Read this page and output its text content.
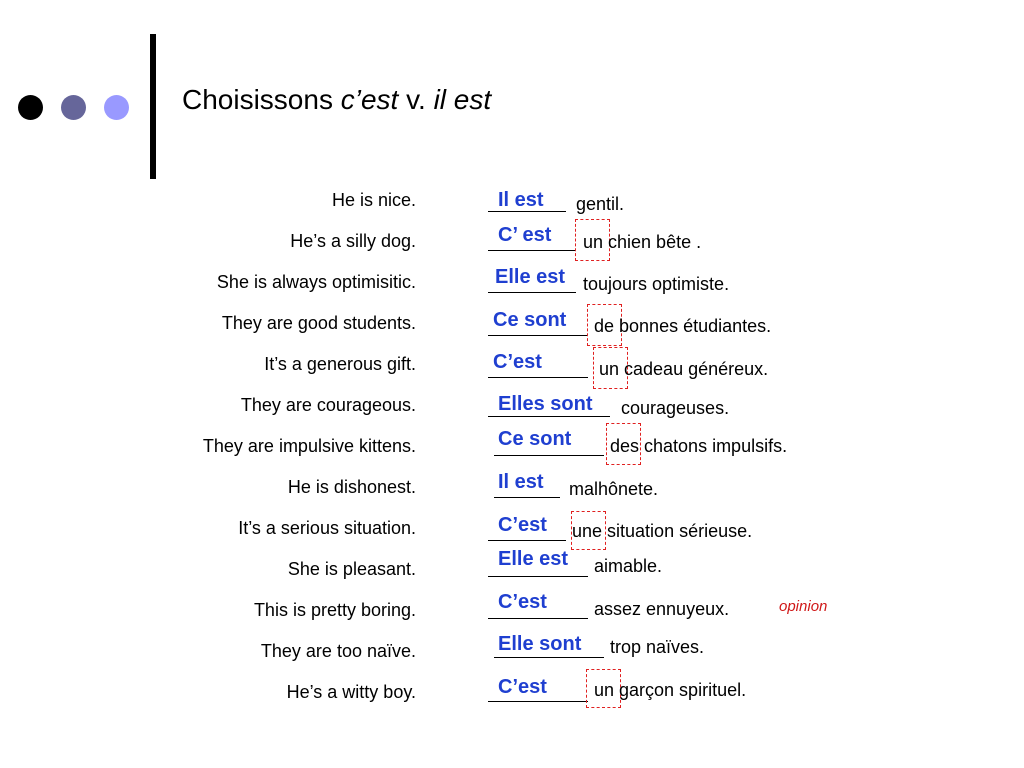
Choisissons c’est v. il est
He is nice.	Il est gentil.
He’s a silly dog.	C’ est un chien bête .
She is always optimisitic.	Elle est toujours optimiste.
They are good students.	Ce sont de bonnes étudiantes.
It’s a generous gift.	C’est	un cadeau généreux.
They are courageous.	Elles sont courageuses.
They are impulsive kittens.	Ce sont des chatons impulsifs.
He is dishonest.	Il est malhônete.
It’s a serious situation.	C’est une situation sérieuse.
She is pleasant.	Elle est aimable.
This is pretty boring.	C’est	assez ennuyeux.	opinion
They are too naïve.	Elle sont trop naïves.
He’s a witty boy.	C’est	un garçon spirituel.
